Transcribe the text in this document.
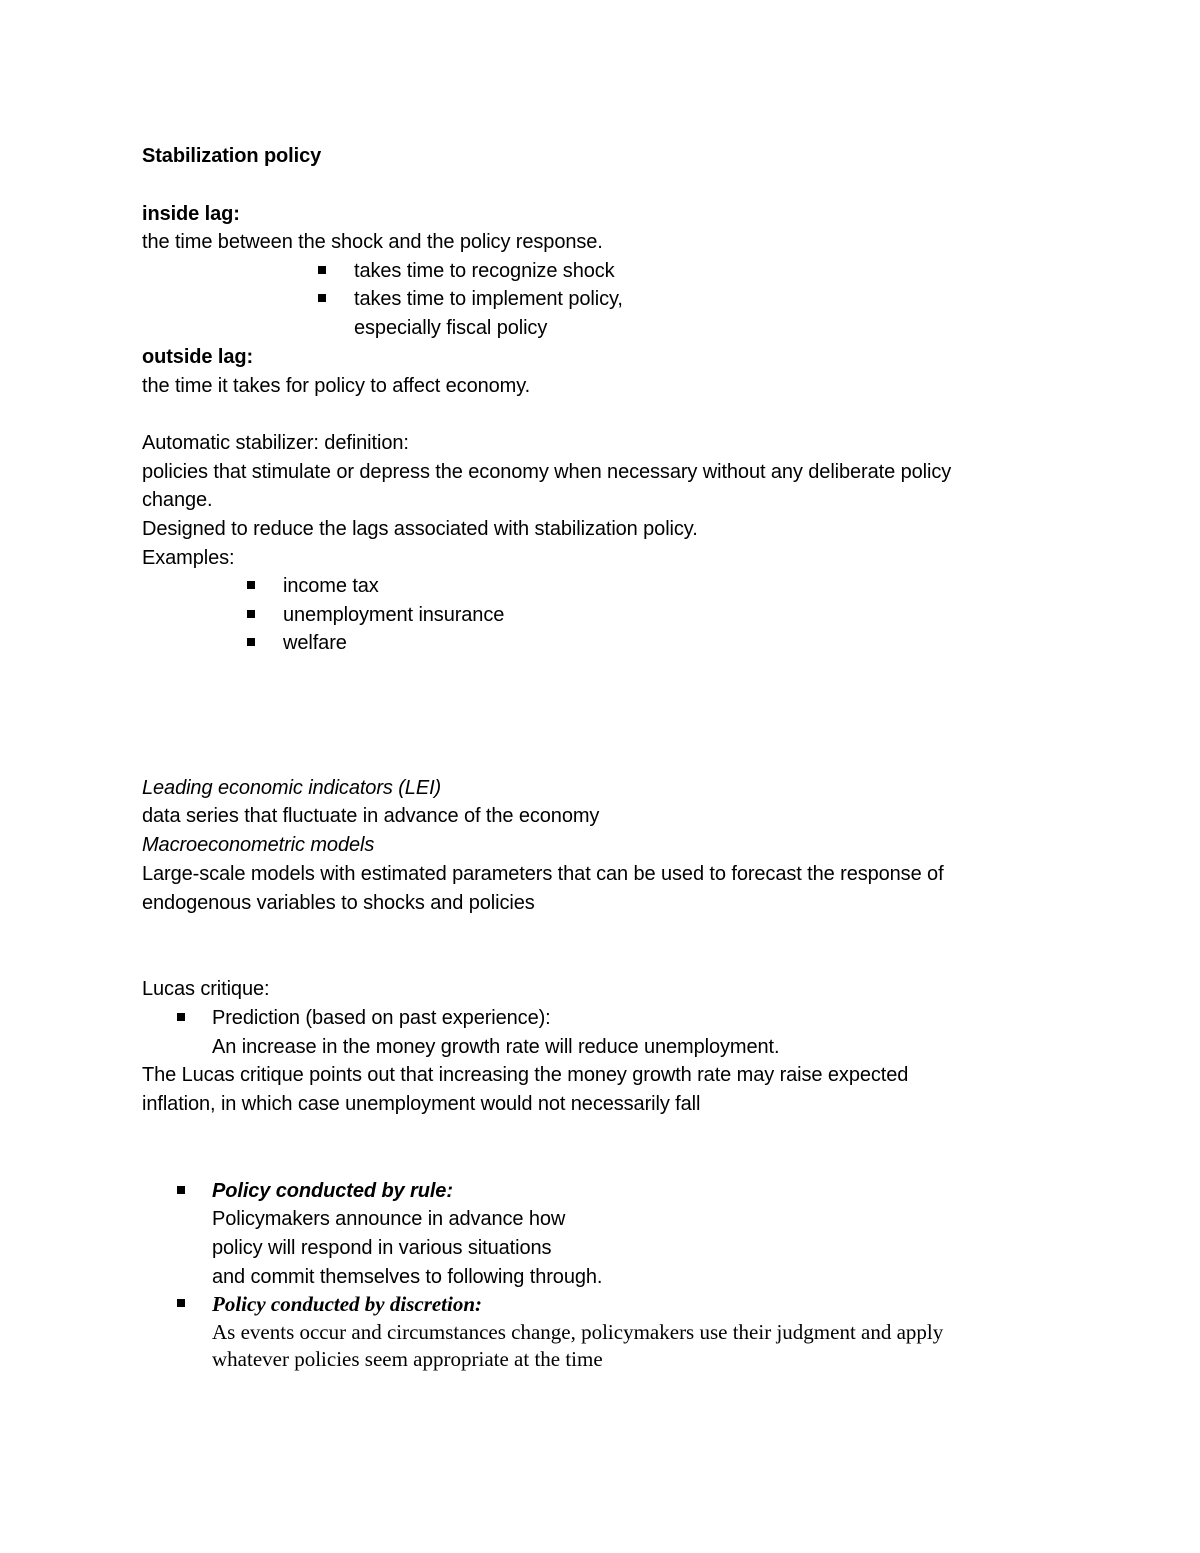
Stabilization policy
inside lag:
the time between the shock and the policy response.
takes time to recognize shock
takes time to implement policy,
especially fiscal policy
outside lag:
the time it takes for policy to affect economy.
Automatic stabilizer: definition:
policies that stimulate or depress the economy when necessary without any deliberate policy
change.
Designed to reduce the lags associated with stabilization policy.
Examples:
income tax
unemployment insurance
welfare
Leading economic indicators (LEI)
data series that fluctuate in advance of the economy
Macroeconometric models
Large-scale models with estimated parameters that can be used to forecast the response of
endogenous variables to shocks and policies
Lucas critique:
Prediction (based on past experience):
An increase in the money growth rate will reduce unemployment.
The Lucas critique points out that increasing the money growth rate may raise expected
inflation, in which case unemployment would not necessarily fall
Policy conducted by rule:
Policymakers announce in advance how
policy will respond in various situations
and commit themselves to following through.
Policy conducted by discretion:
As events occur and circumstances change, policymakers use their judgment and apply
whatever policies seem appropriate at the time
